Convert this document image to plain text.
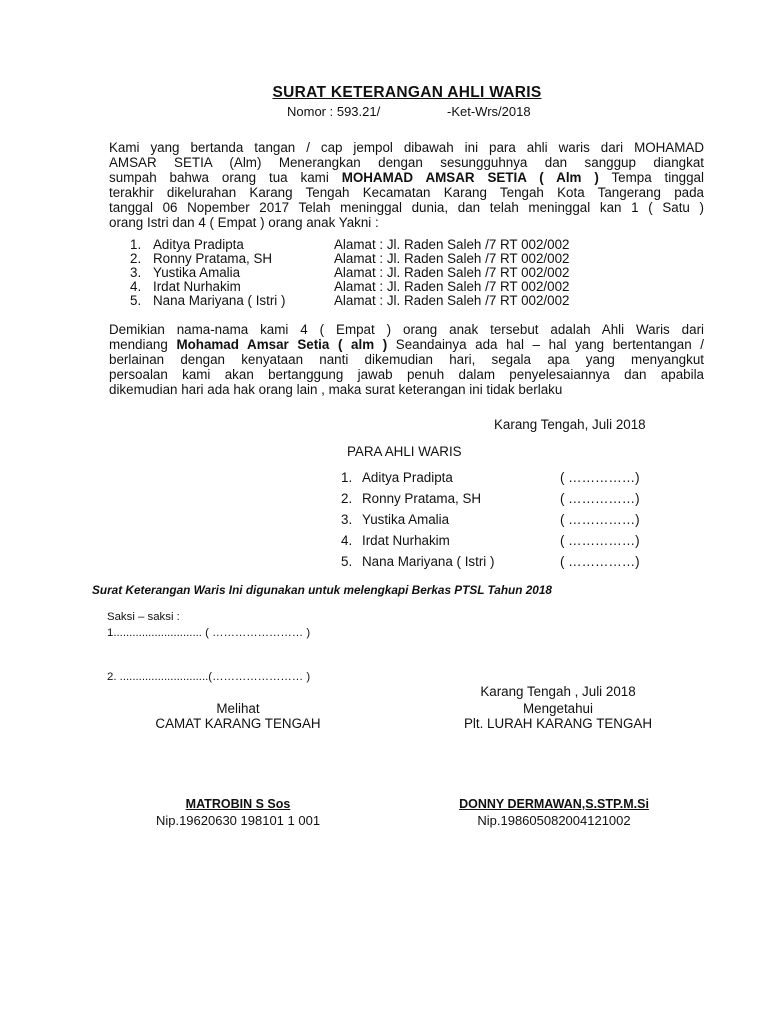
SURAT KETERANGAN AHLI WARIS
Nomor : 593.21/	-Ket-Wrs/2018
Kami yang bertanda tangan / cap jempol dibawah ini para ahli waris dari MOHAMAD
AMSAR SETIA (Alm) Menerangkan dengan sesungguhnya dan sanggup diangkat
sumpah bahwa orang tua kami MOHAMAD AMSAR SETIA ( Alm ) Tempa tinggal
terakhir dikelurahan Karang Tengah Kecamatan Karang Tengah Kota Tangerang pada
tanggal 06 Nopember 2017 Telah meninggal dunia, dan telah meninggal kan 1 ( Satu )
orang Istri dan 4 ( Empat ) orang anak Yakni :
1. Aditya Pradipta	Alamat : Jl. Raden Saleh /7 RT 002/002
2. Ronny Pratama, SH	Alamat : Jl. Raden Saleh /7 RT 002/002
3. Yustika Amalia	Alamat : Jl. Raden Saleh /7 RT 002/002
4. Irdat Nurhakim	Alamat : Jl. Raden Saleh /7 RT 002/002
5. Nana Mariyana ( Istri )	Alamat : Jl. Raden Saleh /7 RT 002/002
Demikian nama-nama kami 4 ( Empat ) orang anak tersebut adalah Ahli Waris dari
mendiang Mohamad Amsar Setia ( alm ) Seandainya ada hal – hal yang bertentangan /
berlainan dengan kenyataan nanti dikemudian hari, segala apa yang menyangkut
persoalan kami akan bertanggung jawab penuh dalam penyelesaiannya dan apabila
dikemudian hari ada hak orang lain , maka surat keterangan ini tidak berlaku
Karang Tengah, Juli 2018
PARA AHLI WARIS
1. Aditya Pradipta	( ……………)
2. Ronny Pratama, SH	( ……………)
3. Yustika Amalia	( ……………)
4. Irdat Nurhakim	( ……………)
5. Nana Mariyana ( Istri )	( ……………)
Surat Keterangan Waris Ini digunakan untuk melengkapi Berkas PTSL Tahun 2018
Saksi – saksi :
1............................ ( …………………… )
2. ............................(…………………… )
Karang Tengah , Juli 2018
Mengetahui
Plt. LURAH KARANG TENGAH
Melihat
CAMAT KARANG TENGAH
MATROBIN S Sos
Nip.19620630 198101 1 001
DONNY DERMAWAN,S.STP.M.Si
Nip.198605082004121002
